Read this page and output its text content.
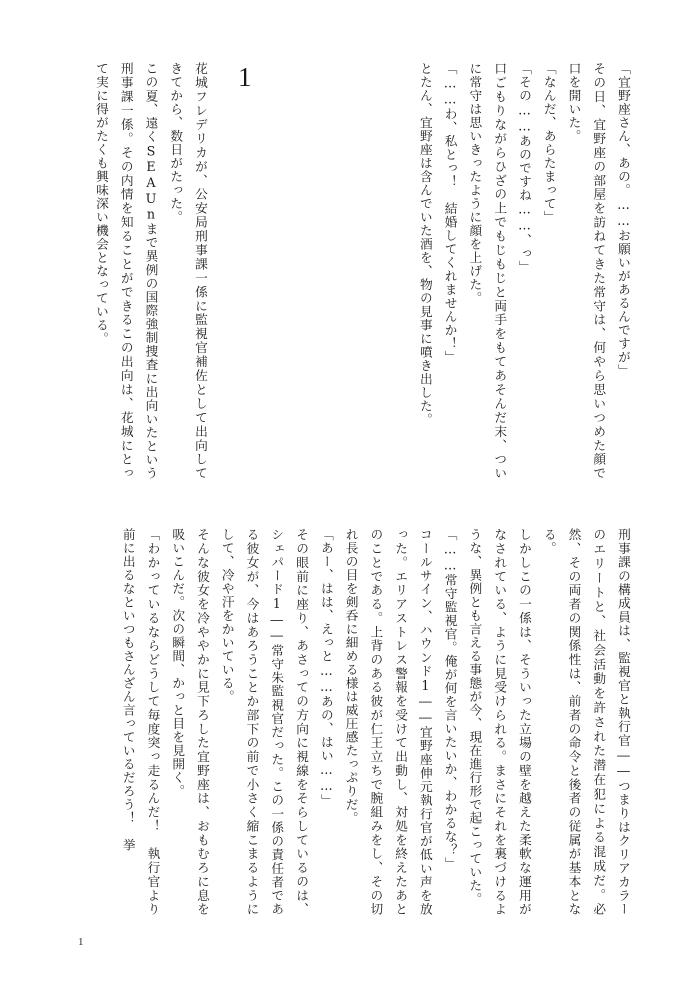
「宜野座さん、あの。……お願いがあるんですが」

その日、宜野座の部屋を訪ねてきた常守は、何やら思いつめた顔で口を開いた。

「なんだ、あらたまって」

「その……あのですね……、っ」

口ごもりながらひざの上でもじもじと両手をもてあそんだ末、ついに常守は思いきったように顔を上げた。

「……わ、私とっ！　結婚してくれませんか！」

とたん、宜野座は含んでいた酒を、物の見事に噴き出した。

1

花城フレデリカが、公安局刑事課一係に監視官補佐として出向してきてから、数日がたった。

この夏、遠くSEAUnまで異例の国際強制捜査に出向いたという刑事課一係。その内情を知ることができるこの出向は、花城にとって実に得がたくも興味深い機会となっている。

刑事課の構成員は、監視官と執行官――つまりはクリアカラーのエリートと、社会活動を許された潜在犯による混成だ。必然、その両者の関係性は、前者の命令と後者の従属が基本となる。

しかしこの一係は、そういった立場の壁を越えた柔軟な運用がなされている、ように見受けられる。まさにそれを裏づけるような、異例とも言える事態が今、現在進行形で起こっていた。

「……常守監視官。俺が何を言いたいか、わかるな？」

コールサイン、ハウンド1――宜野座伸元執行官が低い声を放った。エリアストレス警報を受けて出動し、対処を終えたあとのことである。上背のある彼が仁王立ちで腕組みをし、その切れ長の目を剣呑に細める様は威圧感たっぷりだ。

「あー、はは、えっと……あの、はい……」

その眼前に座り、あさっての方向に視線をそらしているのは、シェパード1――常守朱監視官だった。この一係の責任者である彼女が、今はあろうことか部下の前で小さく縮こまるようにして、冷や汗をかいている。

そんな彼女を冷ややかに見下ろした宜野座は、おもむろに息を吸いこんだ。次の瞬間、かっと目を見開く。

「わかっているならどうして毎度突っ走るんだ！　執行官より前に出るなといつもさんざん言っているだろう！　挙

1
